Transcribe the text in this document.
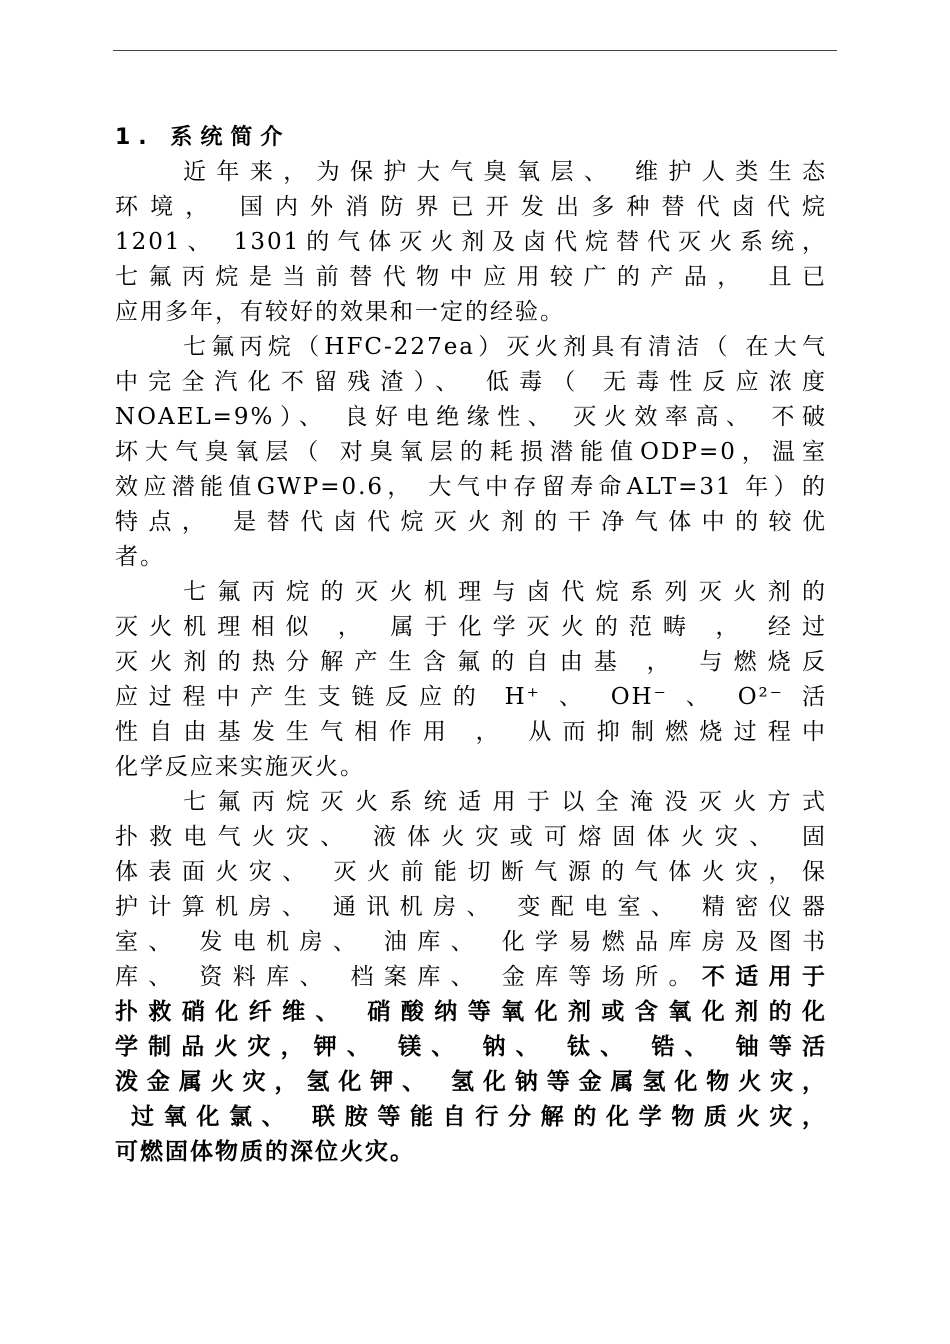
1. 系统简介
近年来，为保护大气臭氧层、 维护人类生态
环境， 国内外消防界已开发出多种替代卤代烷
1201、 1301的气体灭火剂及卤代烷替代灭火系统，
七氟丙烷是当前替代物中应用较广的产品， 且已
应用多年，有较好的效果和一定的经验。
七氟丙烷（HFC-227ea）灭火剂具有清洁（ 在大气
中完全汽化不留残渣）、 低毒（ 无毒性反应浓度
NOAEL=9%）、 良好电绝缘性、 灭火效率高、 不破
坏大气臭氧层（ 对臭氧层的耗损潜能值ODP=0，温室
效应潜能值GWP=0.6， 大气中存留寿命ALT=31 年）的
特点， 是替代卤代烷灭火剂的干净气体中的较优
者。
七氟丙烷的灭火机理与卤代烷系列灭火剂的
灭火机理相似 ， 属于化学灭火的范畴 ， 经过
灭火剂的热分解产生含氟的自由基 ， 与燃烧反
应过程中产生支链反应的 H⁺ 、 OH⁻ 、 O²⁻ 活
性自由基发生气相作用 ， 从而抑制燃烧过程中
化学反应来实施灭火。
七氟丙烷灭火系统适用于以全淹没灭火方式
扑救电气火灾、 液体火灾或可熔固体火灾、 固
体表面火灾、 灭火前能切断气源的气体火灾，保
护计算机房、 通讯机房、 变配电室、 精密仪器
室、 发电机房、 油库、 化学易燃品库房及图书
库、 资料库、 档案库、 金库等场所。不适用于
扑救硝化纤维、 硝酸纳等氧化剂或含氧化剂的化
学制品火灾，钾、 镁、 钠、 钛、 锆、 铀等活
泼金属火灾，氢化钾、 氢化钠等金属氢化物火灾，
过氧化氯、 联胺等能自行分解的化学物质火灾，
可燃固体物质的深位火灾。
